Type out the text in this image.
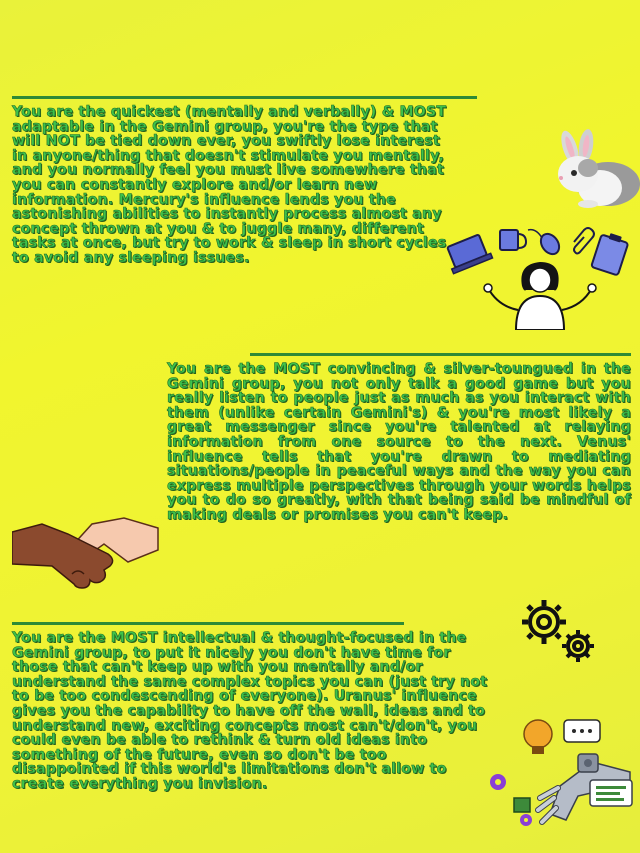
You are the quickest (mentally and verbally) & MOST adaptable in the Gemini group, you're the type that will NOT be tied down ever, you swiftly lose interest in anyone/thing that doesn't stimulate you mentally, and you normally feel you must live somewhere that you can constantly explore and/or learn new information. Mercury's influence lends you the astonishing abilities to instantly process almost any concept thrown at you & to juggle many, different tasks at once, but try to work & sleep in short cycles to avoid any sleeping issues.

You are the MOST convincing & silver-toungued in the Gemini group, you not only talk a good game but you really listen to people just as much as you interact with them (unlike certain Gemini's) & you're most likely a great messenger since you're talented at relaying information from one source to the next. Venus' influence tells that you're drawn to mediating situations/people in peaceful ways and the way you can express multiple perspectives through your words helps you to do so greatly, with that being said be mindful of making deals or promises you can't keep.

You are the MOST intellectual & thought-focused in the Gemini group, to put it nicely you don't have time for those that can't keep up with you mentally and/or understand the same complex topics you can (just try not to be too condescending of everyone). Uranus' influence gives you the capability to have off the wall, ideas and to understand new, exciting concepts most can't/don't, you could even be able to rethink & turn old ideas into something of the future, even so don't be too disappointed if this world's limitations don't allow to create everything you invision.
